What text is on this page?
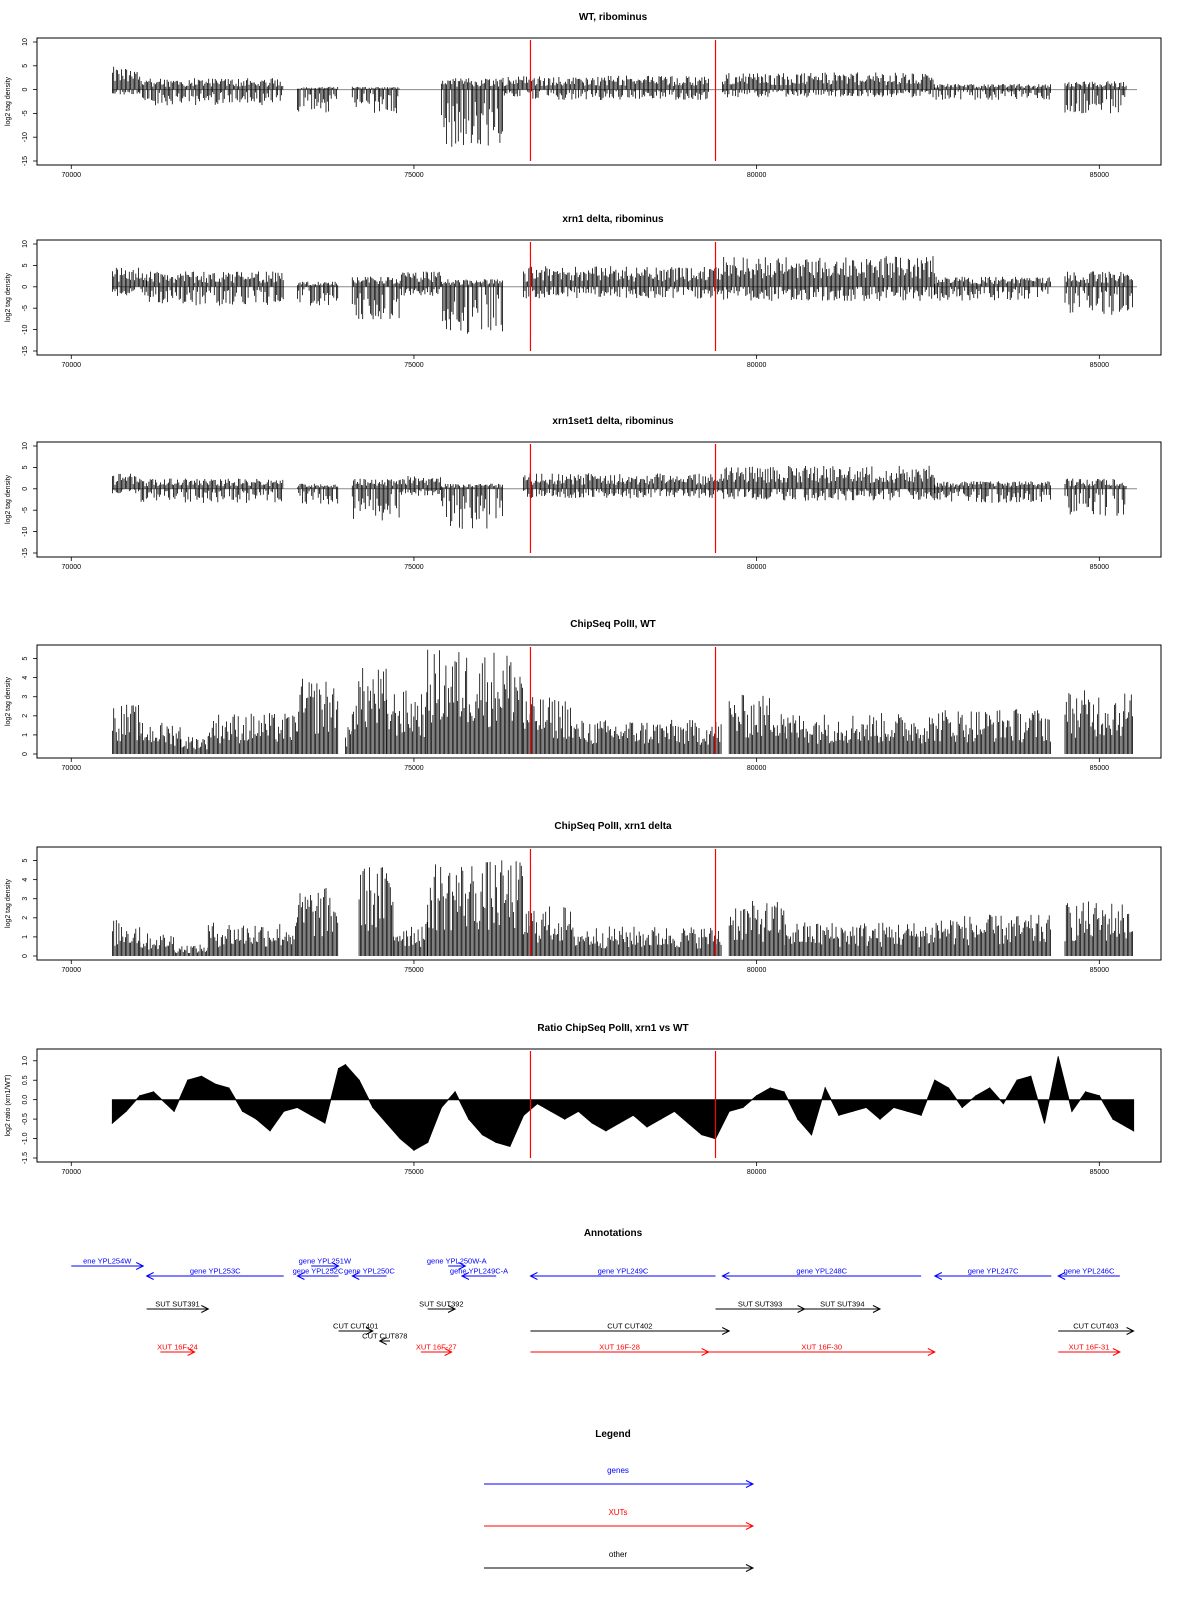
WT, ribominus
log2 tag density
10
5
0
-5
-10
-15
70000	75000	80000	85000
xrn1 delta, ribominus
log2 tag density
10
5
0
-5
-10
-15
70000	75000	80000	85000
xrn1set1 delta, ribominus
log2 tag density
10
5
0
-5
-10
-15
70000	75000	80000	85000
ChipSeq PolII, WT
log2 tag density
5
4
3
2
1
0
70000	75000	80000	85000
ChipSeq PolII, xrn1 delta
log2 tag density
5
4
3
2
1
0
70000	75000	80000	85000
Ratio ChipSeq PolII, xrn1 vs WT
log2 ratio (xrn1/WT)
1.0
0.5
0.0
-0.5
-1.0
-1.5
70000	75000	80000	85000
Annotations
ene YPL254W
gene YPL253C
gene YPL251W
gene YPL252C gene YPL250C
gene YPL250W-A
gene YPL249C-A	gene YPL249C	gene YPL248C	gene YPL247C	gene YPL246C
SUT SUT391	SUT SUT392	SUT SUT393	SUT SUT394
CUT CUT401
CUT CUT878
CUT CUT402	CUT CUT403
XUT 16F-24	XUT 16F-27	XUT 16F-28	XUT 16F-30	XUT 16F-31
Legend
genes
XUTs
other
